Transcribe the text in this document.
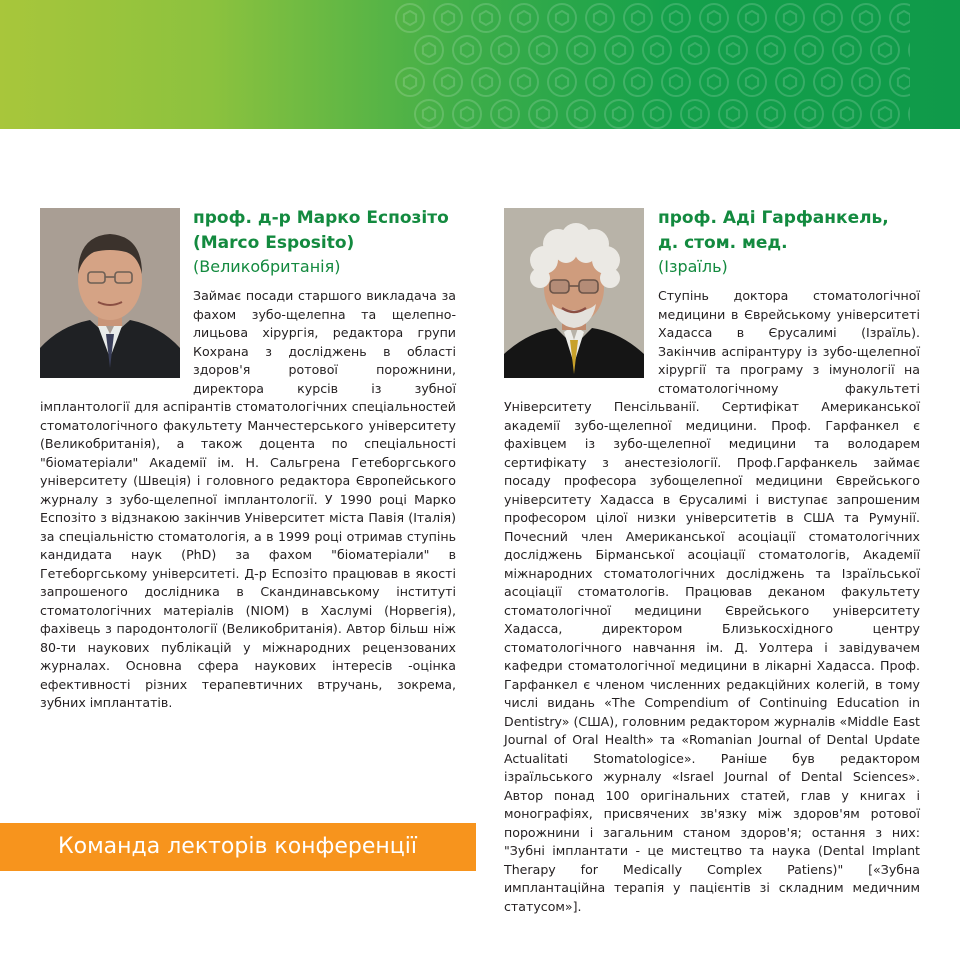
проф. д-р Марко Еспозіто

(Marco Esposito)

(Великобританія)

Займає посади старшого викладача за фахом зубо-щелепна та щелепно-лицьова хірургія, редактора групи Кохрана з досліджень в області здоров'я ротової порожнини, директора курсів із зубної імплантології для аспірантів стоматологічних спеціальностей стоматологічного факультету Манчестерського університету (Великобританія), а також доцента по спеціальності "біоматеріали" Академії ім. Н. Сальгрена Гетеборгського університету (Швеція) і головного редактора Європейського журналу з зубо-щелепної імплантології. У 1990 році Марко Еспозіто з відзнакою закінчив Університет міста Павія (Італія) за спеціальністю стоматологія, а в 1999 році отримав ступінь кандидата наук (PhD) за фахом "біоматеріали" в Гетеборгському університеті. Д-р Еспозіто працював в якості запрошеного дослідника в Скандинавському інституті стоматологічних матеріалів (NIOM) в Хаслумі (Норвегія), фахівець з пародонтології (Великобританія). Автор більш ніж 80-ти наукових публікацій у міжнародних рецензованих журналах. Основна сфера наукових інтересів -оцінка ефективності різних терапевтичних втручань, зокрема, зубних імплантатів.

проф. Аді Гарфанкель,

д. стом. мед.

(Ізраїль)

Ступінь доктора стоматологічної медицини в Єврейському університеті Хадасса в Єрусалимі (Ізраїль). Закінчив аспірантуру із зубо-щелепної хірургії та програму з імунології на стоматологічному факультеті Університету Пенсільванії. Сертифікат Американської академії зубо-щелепної медицини. Проф. Гарфанкел є фахівцем із зубо-щелепної медицини та володарем сертифікату з анестезіології. Проф.Гарфанкель займає посаду професора зубощелепної медицини Єврейського університету Хадасса в Єрусалимі і виступає запрошеним професором цілої низки університетів в США та Румунії. Почесний член Американської асоціації стоматологічних досліджень Бірманської асоціації стоматологів, Академії міжнародних стоматологічних досліджень та Ізраїльської асоціації стоматологів. Працював деканом факультету стоматологічної медицини Єврейського університету Хадасса, директором Близькосхідного центру стоматологічного навчання ім. Д. Уолтера і завідувачем кафедри стоматологічної медицини в лікарні Хадасса. Проф. Гарфанкел є членом численних редакційних колегій, в тому числі видань «The Compendium of Continuing Education in Dentistry» (США), головним редактором журналів «Middle East Journal of Oral Health» та «Romanian Journal of Dental Update Actualitati Stomatologice». Раніше був редактором ізраїльського журналу «Israel Journal of Dental Sciences». Автор понад 100 оригінальних статей, глав у книгах і монографіях, присвячених зв'язку між здоров'ям ротової порожнини і загальним станом здоров'я; остання з них: "Зубні імплантати - це мистецтво та наука (Dental Implant Therapy for Medically Complex Patiens)" [«Зубна имплантаційна терапія у пацієнтів зі складним медичним статусом»].

Команда лекторів конференції
